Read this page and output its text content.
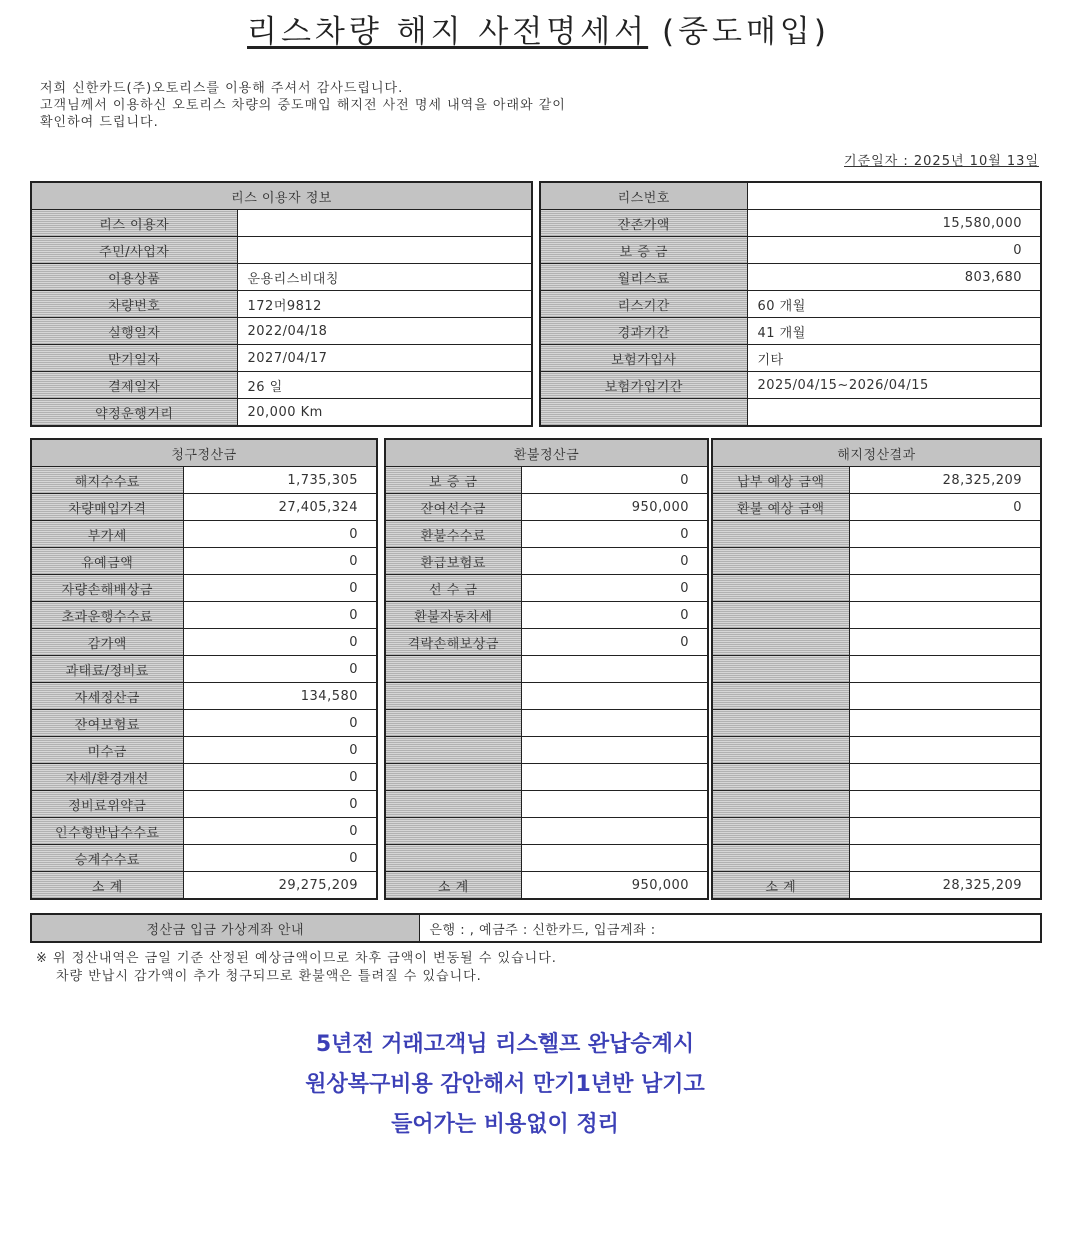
리스차량 해지 사전명세서 (중도매입)
저희 신한카드(주)오토리스를 이용해 주셔서 감사드립니다.
고객님께서 이용하신 오토리스 차량의 중도매입 해지전 사전 명세 내역을 아래와 같이
확인하여 드립니다.
기준일자 : 2025년 10월 13일
리스 이용자 정보	
리스 이용자	
주민/사업자	
이용상품	운용리스비대칭
차량번호	172머9812
실행일자	2022/04/18
만기일자	2027/04/17
결제일자	26 일
약정운행거리	20,000 Km
리스번호	
잔존가액	15,580,000
보 증 금	0
월리스료	803,680
리스기간	60 개월
경과기간	41 개월
보험가입사	기타
보험가입기간	2025/04/15~2026/04/15

청구정산금	
해지수수료	1,735,305
차량매입가격	27,405,324
부가세	0
유예금액	0
자량손해배상금	0
초과운행수수료	0
감가액	0
과태료/정비료	0
자세정산금	134,580
잔여보험료	0
미수금	0
자세/환경개선	0
정비료위약금	0
인수형반납수수료	0
승계수수료	0
소 계	29,275,209
환불정산금	
보 증 금	0
잔여선수금	950,000
환불수수료	0
환급보험료	0
선 수 금	0
환불자동차세	0
격락손해보상금	0

소 계	950,000
해지정산결과	
납부 예상 금액	28,325,209
환불 예상 금액	0

소 계	28,325,209
정산금 입금 가상계좌 안내	은행 : , 예금주 : 신한카드, 입금계좌 :
※ 위 정산내역은 금일 기준 산정된 예상금액이므로 차후 금액이 변동될 수 있습니다.
차량 반납시 감가액이 추가 청구되므로 환불액은 틀려질 수 있습니다.
5년전 거래고객님 리스헬프 완납승계시
원상복구비용 감안해서 만기1년반 남기고
들어가는 비용없이 정리
